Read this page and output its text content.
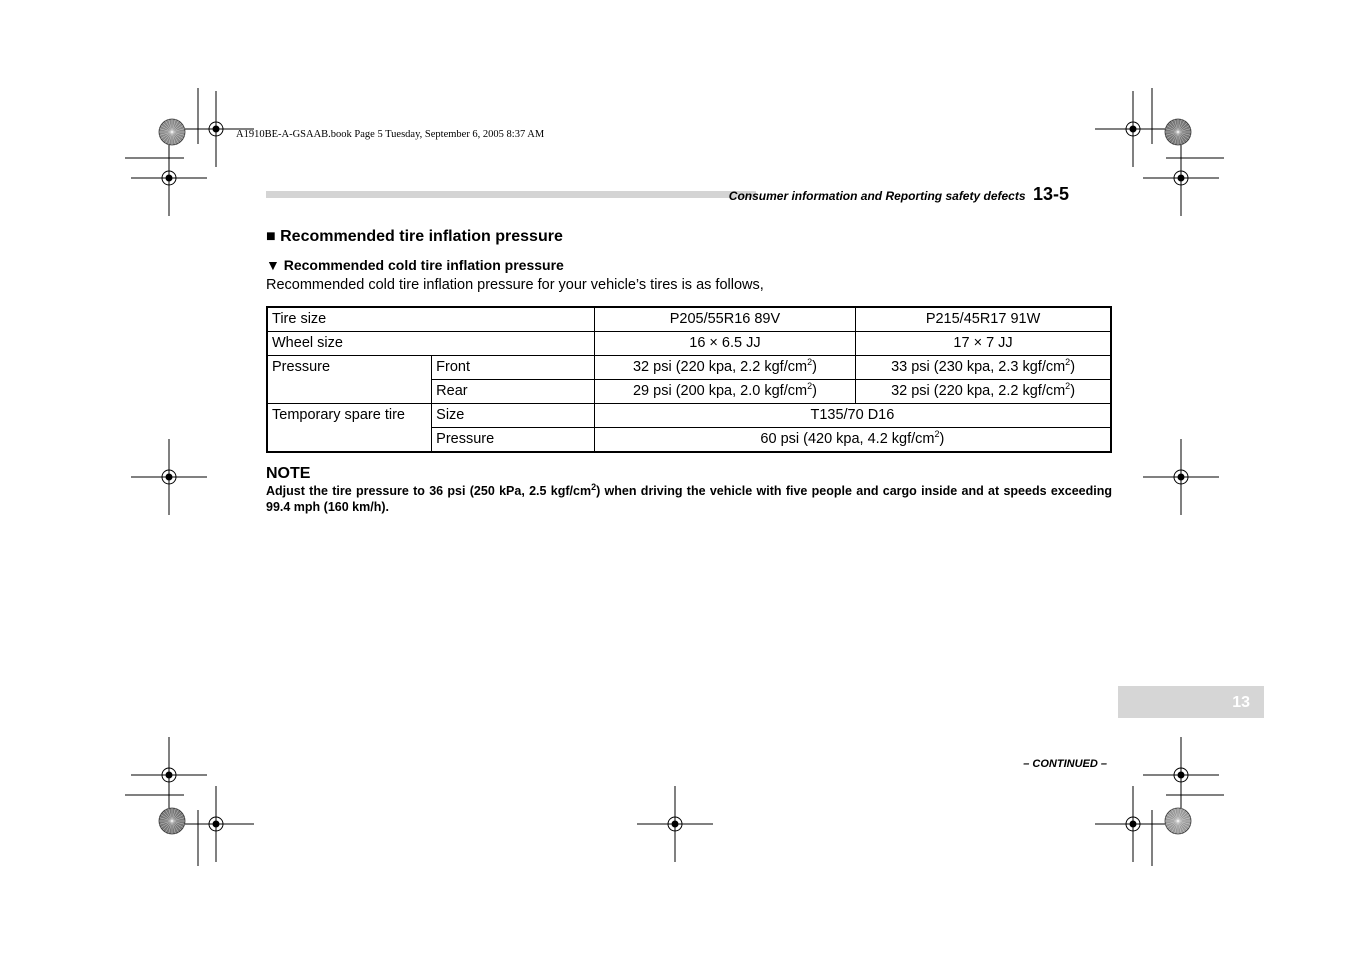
A1910BE-A-GSAAB.book Page 5 Tuesday, September 6, 2005 8:37 AM
Consumer information and Reporting safety defects 13-5
■ Recommended tire inflation pressure
▼ Recommended cold tire inflation pressure
Recommended cold tire inflation pressure for your vehicle’s tires is as follows,
Tire size		P205/55R16 89V	P215/45R17 91W
Wheel size		16 × 6.5 JJ	17 × 7 JJ
Pressure	Front	32 psi (220 kpa, 2.2 kgf/$cm^2$)	33 psi (230 kpa, 2.3 kgf/$cm^2$)
	Rear	29 psi (200 kpa, 2.0 kgf/$cm^2$)	32 psi (220 kpa, 2.2 kgf/$cm^2$)
Temporary spare tire	Size	T135/70 D16	
	Pressure	60 psi (420 kpa, 4.2 kgf/$cm^2$)	
NOTE
Adjust the tire pressure to 36 psi (250 kPa, 2.5 kgf/$cm^2$) when driving the vehicle with five people and cargo inside and at speeds exceeding 99.4 mph (160 km/h).
13
– CONTINUED –
